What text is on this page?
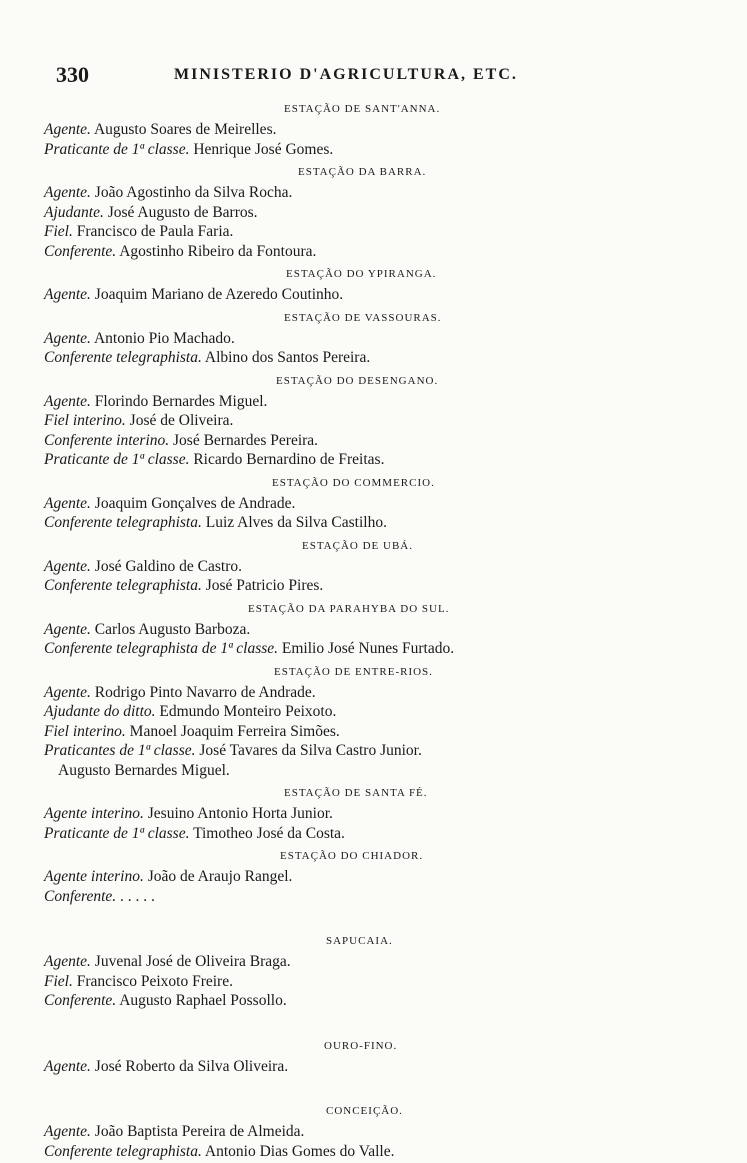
330	MINISTERIO D'AGRICULTURA, ETC.
ESTAÇÃO DE SANT'ANNA.
Agente. Augusto Soares de Meirelles.
Praticante de 1ª classe. Henrique José Gomes.
ESTAÇÃO DA BARRA.
Agente. João Agostinho da Silva Rocha.
Ajudante. José Augusto de Barros.
Fiel. Francisco de Paula Faria.
Conferente. Agostinho Ribeiro da Fontoura.
ESTAÇÃO DO YPIRANGA.
Agente. Joaquim Mariano de Azeredo Coutinho.
ESTAÇÃO DE VASSOURAS.
Agente. Antonio Pio Machado.
Conferente telegraphista. Albino dos Santos Pereira.
ESTAÇÃO DO DESENGANO.
Agente. Florindo Bernardes Miguel.
Fiel interino. José de Oliveira.
Conferente interino. José Bernardes Pereira.
Praticante de 1ª classe. Ricardo Bernardino de Freitas.
ESTAÇÃO DO COMMERCIO.
Agente. Joaquim Gonçalves de Andrade.
Conferente telegraphista. Luiz Alves da Silva Castilho.
ESTAÇÃO DE UBÁ.
Agente. José Galdino de Castro.
Conferente telegraphista. José Patricio Pires.
ESTAÇÃO DA PARAHYBA DO SUL.
Agente. Carlos Augusto Barboza.
Conferente telegraphista de 1ª classe. Emilio José Nunes Furtado.
ESTAÇÃO DE ENTRE-RIOS.
Agente. Rodrigo Pinto Navarro de Andrade.
Ajudante do ditto. Edmundo Monteiro Peixoto.
Fiel interino. Manoel Joaquim Ferreira Simões.
Praticantes de 1ª classe. José Tavares da Silva Castro Junior.
Augusto Bernardes Miguel.
ESTAÇÃO DE SANTA FÉ.
Agente interino. Jesuino Antonio Horta Junior.
Praticante de 1ª classe. Timotheo José da Costa.
ESTAÇÃO DO CHIADOR.
Agente interino. João de Araujo Rangel.
Conferente. . . . . .
SAPUCAIA.
Agente. Juvenal José de Oliveira Braga.
Fiel. Francisco Peixoto Freire.
Conferente. Augusto Raphael Possollo.
OURO-FINO.
Agente. José Roberto da Silva Oliveira.
CONCEIÇÃO.
Agente. João Baptista Pereira de Almeida.
Conferente telegraphista. Antonio Dias Gomes do Valle.
